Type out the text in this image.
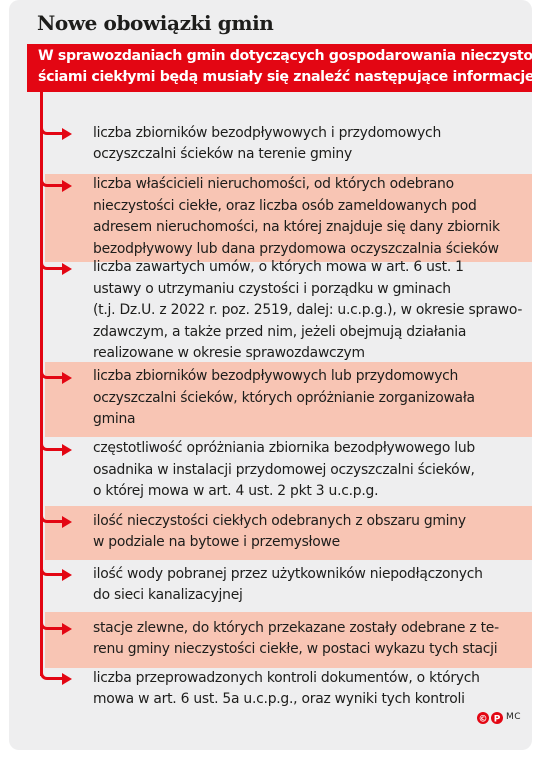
Nowe obowiązki gmin
W sprawozdaniach gmin dotyczących gospodarowania nieczysto-
ściami ciekłymi będą musiały się znaleźć następujące informacje:
liczba zbiorników bezodpływowych i przydomowych
oczyszczalni ścieków na terenie gminy
liczba właścicieli nieruchomości, od których odebrano
nieczystości ciekłe, oraz liczba osób zameldowanych pod
adresem nieruchomości, na której znajduje się dany zbiornik
bezodpływowy lub dana przydomowa oczyszczalnia ścieków
liczba zawartych umów, o których mowa w art. 6 ust. 1
ustawy o utrzymaniu czystości i porządku w gminach
(t.j. Dz.U. z 2022 r. poz. 2519, dalej: u.c.p.g.), w okresie sprawo-
zdawczym, a także przed nim, jeżeli obejmują działania
realizowane w okresie sprawozdawczym
liczba zbiorników bezodpływowych lub przydomowych
oczyszczalni ścieków, których opróżnianie zorganizowała
gmina
częstotliwość opróżniania zbiornika bezodpływowego lub
osadnika w instalacji przydomowej oczyszczalni ścieków,
o której mowa w art. 4 ust. 2 pkt 3 u.c.p.g.
ilość nieczystości ciekłych odebranych z obszaru gminy
w podziale na bytowe i przemysłowe
ilość wody pobranej przez użytkowników niepodłączonych
do sieci kanalizacyjnej
stacje zlewne, do których przekazane zostały odebrane z te-
renu gminy nieczystości ciekłe, w postaci wykazu tych stacji
liczba przeprowadzonych kontroli dokumentów, o których
mowa w art. 6 ust. 5a u.c.p.g., oraz wyniki tych kontroli
© P MC
